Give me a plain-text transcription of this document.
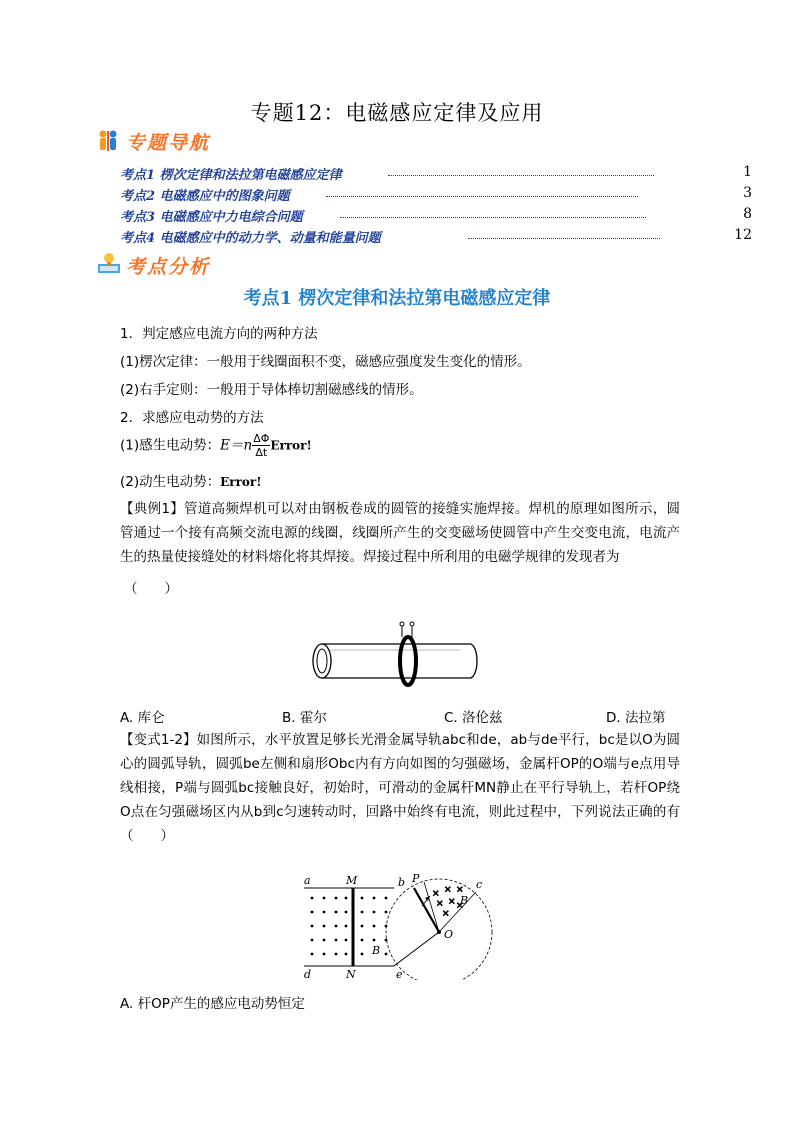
专题12：电磁感应定律及应用
专题导航
考点1 楞次定律和法拉第电磁感应定律	1
考点2 电磁感应中的图象问题	3
考点3 电磁感应中力电综合问题	8
考点4 电磁感应中的动力学、动量和能量问题	12
考点分析
考点1 楞次定律和法拉第电磁感应定律
1．判定感应电流方向的两种方法
(1)楞次定律：一般用于线圈面积不变，磁感应强度发生变化的情形。
(2)右手定则：一般用于导体棒切割磁感线的情形。
2．求感应电动势的方法
(1)感生电动势：$E=n \frac{\Delta\Phi}{\Delta t}$ Error!
(2)动生电动势：Error!
【典例1】管道高频焊机可以对由钢板卷成的圆管的接缝实施焊接。焊机的原理如图所示，圆管通过一个接有高频交流电源的线圈，线圈所产生的交变磁场使圆管中产生交变电流，电流产生的热量使接缝处的材料熔化将其焊接。焊接过程中所利用的电磁学规律的发现者为
（　　）
A. 库仑	B. 霍尔	C. 洛伦兹	D. 法拉第
【变式1-2】如图所示，水平放置足够长光滑金属导轨abc和de，ab与de平行，bc是以O为圆心的圆弧导轨，圆弧be左侧和扇形Obc内有方向如图的匀强磁场，金属杆OP的O端与e点用导线相接，P端与圆弧bc接触良好，初始时，可滑动的金属杆MN静止在平行导轨上，若杆OP绕O点在匀强磁场区内从b到c匀速转动时，回路中始终有电流，则此过程中，下列说法正确的有（　　）
× × ×
× ×
×
×
a	M	b P	c
B
O
B
d	N	e
A. 杆OP产生的感应电动势恒定
